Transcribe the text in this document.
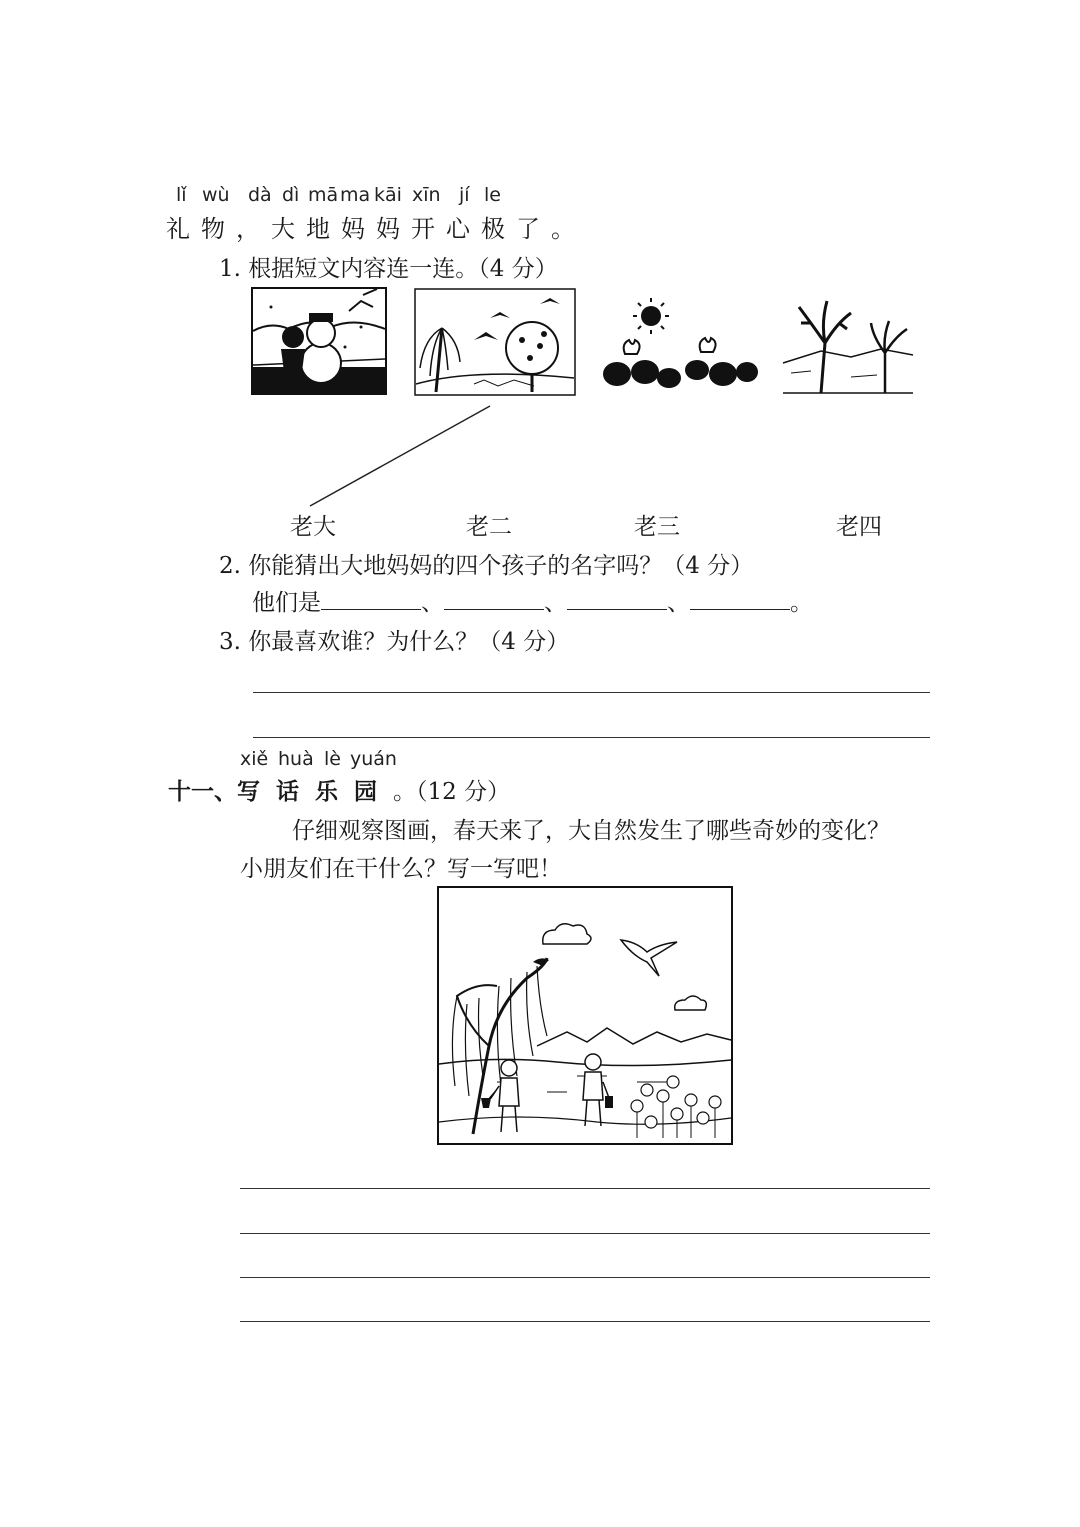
lǐ wù dà dì mā ma kāi xīn jí le
礼物，大地妈妈开心极了。
1. 根据短文内容连一连。（4 分）
老大	老二	老三	老四
2. 你能猜出大地妈妈的四个孩子的名字吗？（4 分）
他们是	、	、	、	。
3. 你最喜欢谁？为什么？（4 分）
xiě huà lè yuán
十一、写话乐园。（12 分）
仔细观察图画，春天来了，大自然发生了哪些奇妙的变化？
小朋友们在干什么？写一写吧！
